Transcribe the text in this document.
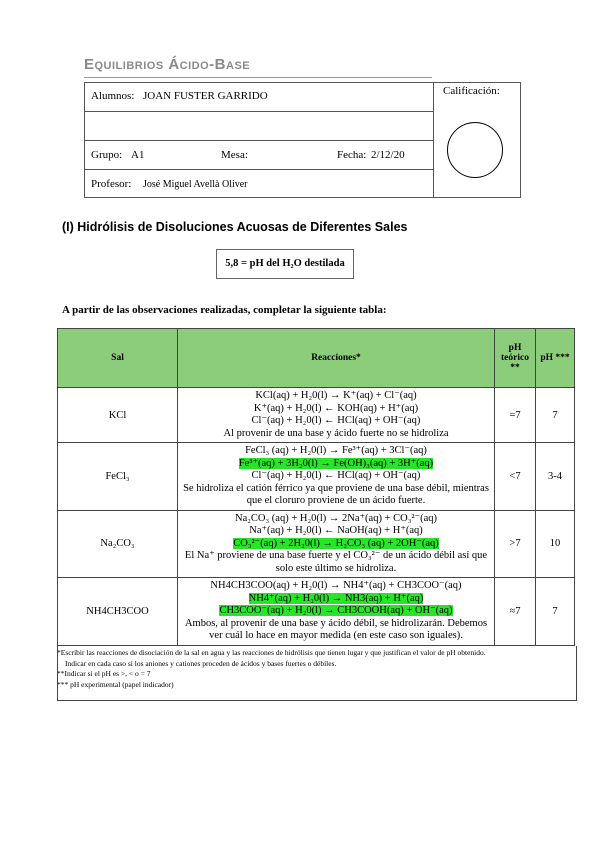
Equilibrios Ácido-Base
Alumnos: JOAN FUSTER GARRIDO
Grupo: A1	Mesa:	Fecha: 2/12/20
Profesor: José Miguel Avellà Oliver
Calificación:
(I) Hidrólisis de Disoluciones Acuosas de Diferentes Sales
5,8 = pH del H₂O destilada
A partir de las observaciones realizadas, completar la siguiente tabla:
Sal	Reacciones*	pH teórico **	pH ***
KCl	KCl(aq) + H₂0(l) → K⁺(aq) + Cl⁻(aq)
K⁺(aq) + H₂0(l) ← KOH(aq) + H⁺(aq)
Cl⁻(aq) + H₂0(l) ← HCl(aq) + OH⁻(aq)
Al provenir de una base y ácido fuerte no se hidroliza	=7	7
FeCl₃	FeCl₃ (aq) + H₂0(l) → Fe³⁺(aq) + 3Cl⁻(aq)
Fe³⁺(aq) + 3H₂0(l) → Fe(OH)₃(aq) + 3H⁺(aq)
Cl⁻(aq) + H₂0(l) ← HCl(aq) + OH⁻(aq)
Se hidroliza el catión férrico ya que proviene de una base débil, mientras que el cloruro proviene de un ácido fuerte.	<7	3-4
Na₂CO₃	Na₂CO₃ (aq) + H₂0(l) → 2Na⁺(aq) + CO₃²⁻(aq)
Na⁺(aq) + H₂0(l) ← NaOH(aq) + H⁺(aq)
CO₃²⁻(aq) + 2H₂0(l) → H₂CO₃ (aq) + 2OH⁻(aq)
El Na⁺ proviene de una base fuerte y el CO₃²⁻ de un ácido débil así que solo este último se hidroliza.	>7	10
NH4CH3COO	NH4CH3COO(aq) + H₂0(l) → NH4⁺(aq) + CH3COO⁻(aq)
NH4⁺(aq) + H₂0(l) → NH3(aq) + H⁺(aq)
CH3COO⁻(aq) + H₂0(l) → CH3COOH(aq) + OH⁻(aq)
Ambos, al provenir de una base y ácido débil, se hidrolizarán. Debemos ver cuál lo hace en mayor medida (en este caso son iguales).	≈7	7
*Escribir las reacciones de disociación de la sal en agua y las reacciones de hidrólisis que tienen lugar y que justifican el valor de pH obtenido.
Indicar en cada caso si los aniones y cationes proceden de ácidos y bases fuertes o débiles.
**Indicar si el pH es >, < o = 7
*** pH experimental (papel indicador)
